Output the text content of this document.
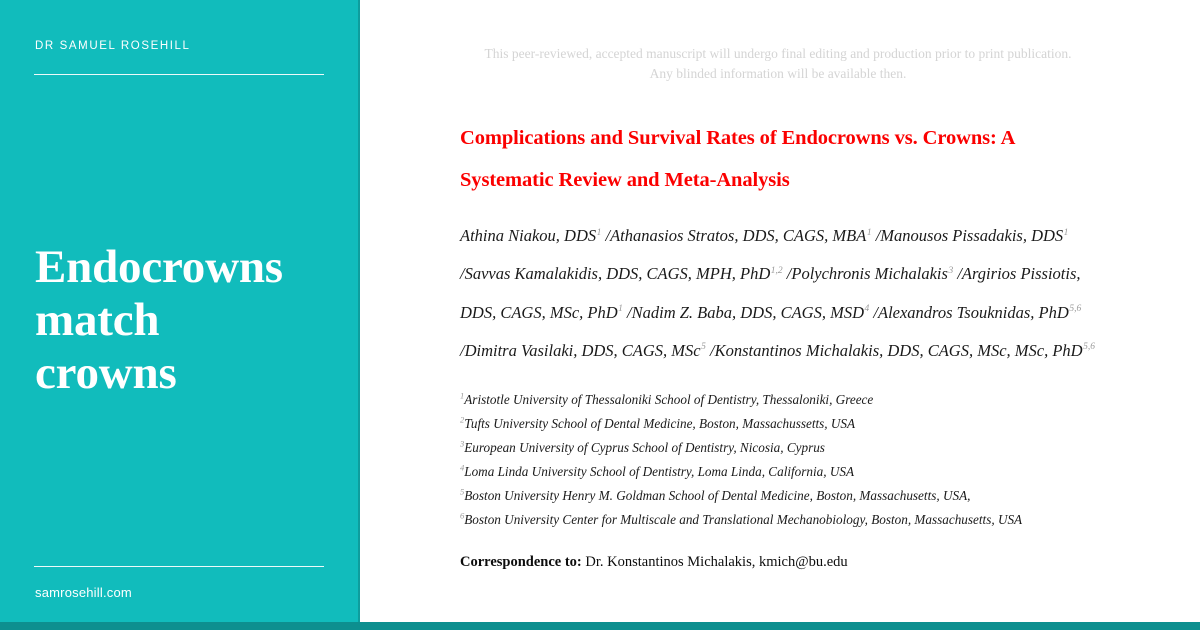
DR SAMUEL ROSEHILL
Endocrowns
match
crowns
samrosehill.com
This peer-reviewed, accepted manuscript will undergo final editing and production prior to print publication.
Any blinded information will be available then.
Complications and Survival Rates of Endocrowns vs. Crowns: A Systematic Review and Meta-Analysis

Athina Niakou, DDS$^1$ /Athanasios Stratos, DDS, CAGS, MBA$^1$ /Manousos Pissadakis, DDS$^1$ /Savvas Kamalakidis, DDS, CAGS, MPH, PhD$^{1,2}$ /Polychronis Michalakis$^3$ /Argirios Pissiotis, DDS, CAGS, MSc, PhD$^1$ /Nadim Z. Baba, DDS, CAGS, MSD$^4$ /Alexandros Tsouknidas, PhD$^{5,6}$ /Dimitra Vasilaki, DDS, CAGS, MSc$^5$ /Konstantinos Michalakis, DDS, CAGS, MSc, MSc, PhD$^{5,6}$

$^1$Aristotle University of Thessaloniki School of Dentistry, Thessaloniki, Greece
$^2$Tufts University School of Dental Medicine, Boston, Massachussetts, USA
$^3$European University of Cyprus School of Dentistry, Nicosia, Cyprus
$^4$Loma Linda University School of Dentistry, Loma Linda, California, USA
$^5$Boston University Henry M. Goldman School of Dental Medicine, Boston, Massachusetts, USA,
$^6$Boston University Center for Multiscale and Translational Mechanobiology, Boston, Massachusetts, USA

Correspondence to: Dr. Konstantinos Michalakis, kmich@bu.edu
